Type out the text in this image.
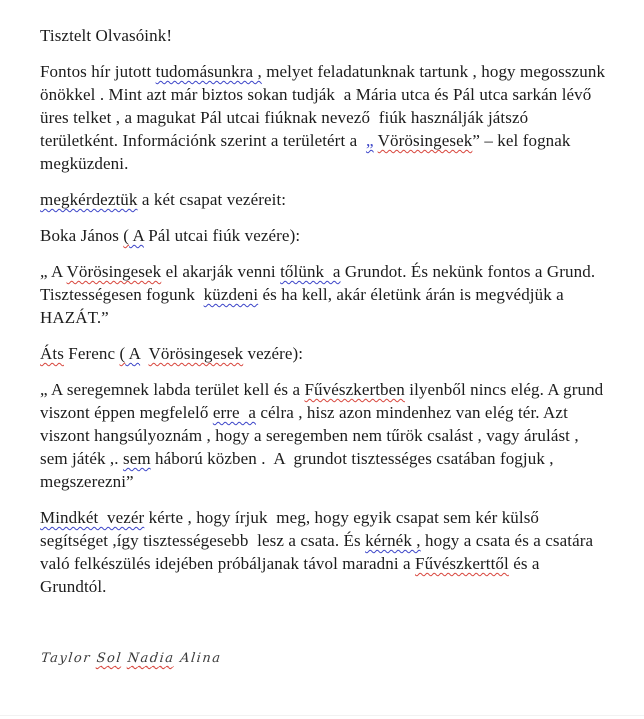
Tisztelt Olvasóink!
Fontos hír jutott tudomásunkra , melyet feladatunknak tartunk , hogy megosszunk önökkel . Mint azt már biztos sokan tudják  a Mária utca és Pál utca sarkán lévő üres telket , a magukat Pál utcai fiúknak nevező  fiúk használják játszó területként. Információnk szerint a területért a  „ Vörösingesek” – kel fognak megküzdeni.
megkérdeztük a két csapat vezéreit:
Boka János ( A Pál utcai fiúk vezére):
„ A Vörösingesek el akarják venni tőlünk  a Grundot. És nekünk fontos a Grund. Tisztességesen fogunk  küzdeni és ha kell, akár életünk árán is megvédjük a HAZÁT.”
Áts Ferenc ( A Vörösingesek vezére):
„ A seregemnek labda terület kell és a Fűvészkertben ilyenből nincs elég. A grund viszont éppen megfelelő erre  a célra , hisz azon mindenhez van elég tér. Azt viszont hangsúlyoznám , hogy a seregemben nem tűrök csalást , vagy árulást , sem játék ,. sem háború közben .  A  grundot tisztességes csatában fogjuk , megszerezni”
Mindkét  vezér kérte , hogy írjuk  meg, hogy egyik csapat sem kér külső segítséget ,így tisztességesebb  lesz a csata. És kérnék , hogy a csata és a csatára való felkészülés idejében próbáljanak távol maradni a Fűvészkerttől és a Grundtól.
Taylor Sol Nadia Alina
